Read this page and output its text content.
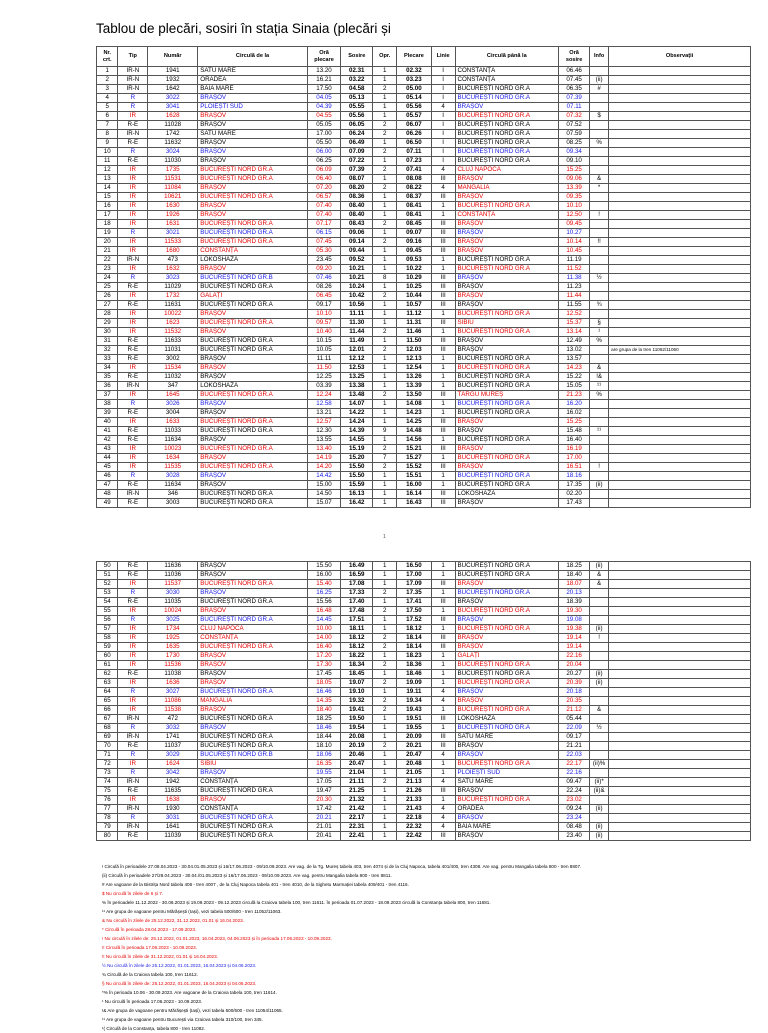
Tablou de plecări, sosiri în stația Sinaia (plecări și
Nr. crt.	Tip	Număr	Circulă de la	Oră plecare	Sosire	Opr.	Plecare	Linie	Circulă până la	Oră sosire	Info	Observații
1	IR-N	1941	SATU MARE	13.20	02.31	1	02.32	I	CONSTANȚA	06.46		
2	IR-N	1932	ORADEA	16.21	03.22	1	03.23	I	CONSTANȚA	07.45	(ii)	
3	IR-N	1642	BAIA MARE	17.50	04.58	2	05.00	I	BUCUREȘTI NORD GR.A	06.35	#	
4	R	3022	BRAȘOV	04.05	05.13	1	05.14	I	BUCUREȘTI NORD GR.A	07.39		
5	R	3041	PLOIEȘTI SUD	04.39	05.55	1	05.56	4	BRAȘOV	07.11		
6	IR	1628	BRAȘOV	04.55	05.56	1	05.57	I	BUCUREȘTI NORD GR.A	07.32	$	
7	R-E	11028	BRAȘOV	05.05	06.05	2	06.07	I	BUCUREȘTI NORD GR.A	07.52		
8	IR-N	1742	SATU MARE	17.00	06.24	2	06.26	I	BUCUREȘTI NORD GR.A	07.59		
9	R-E	11632	BRAȘOV	05.50	06.49	1	06.50	I	BUCUREȘTI NORD GR.A	08.25	%	
10	R	3024	BRAȘOV	06.00	07.09	2	07.11	I	BUCUREȘTI NORD GR.A	09.34		
11	R-E	11030	BRAȘOV	06.25	07.22	1	07.23	I	BUCUREȘTI NORD GR.A	09.10		
12	IR	1735	BUCUREȘTI NORD GR.A	06.09	07.39	2	07.41	4	CLUJ NAPOCA	15.25		
13	IR	11531	BUCUREȘTI NORD GR.A	06.40	08.07	1	08.08	III	BRAȘOV	09.06	&	
14	IR	11084	BRAȘOV	07.20	08.20	2	08.22	4	MANGALIA	13.39	*	
15	IR	10621	BUCUREȘTI NORD GR.A	06.57	08.36	1	08.37	III	BRAȘOV	09.35		
16	IR	1630	BRAȘOV	07.40	08.40	1	08.41	1	BUCUREȘTI NORD GR.A	10.10		
17	IR	1926	BRAȘOV	07.40	08.40	1	08.41	1	CONSTANȚA	12.50	!	
18	IR	1631	BUCUREȘTI NORD GR.A	07.17	08.43	2	08.45	III	BRAȘOV	09.45		
19	R	3021	BUCUREȘTI NORD GR.A	06.15	09.06	1	09.07	III	BRAȘOV	10.27		
20	IR	11533	BUCUREȘTI NORD GR.A	07.45	09.14	2	09.16	III	BRAȘOV	10.14	!!	
21	IR	1680	CONSTANȚA	05.30	09.44	1	09.45	III	BRAȘOV	10.45		
22	IR-N	473	LOKOSHAZA	23.45	09.52	1	09.53	1	BUCUREȘTI NORD GR.A	11.19		
23	IR	1632	BRAȘOV	09.20	10.21	1	10.22	1	BUCUREȘTI NORD GR.A	11.52		
24	R	3023	BUCUREȘTI NORD GR.B	07.46	10.21	8	10.29	III	BRAȘOV	11.38	½	
25	R-E	11029	BUCUREȘTI NORD GR.A	08.26	10.24	1	10.25	III	BRAȘOV	11.23		
26	IR	1732	GALAȚI	06.45	10.42	2	10.44	III	BRAȘOV	11.44		
27	R-E	11631	BUCUREȘTI NORD GR.A	09.17	10.56	1	10.57	III	BRAȘOV	11.55	¾	
28	IR	10022	BRAȘOV	10.10	11.11	1	11.12	1	BUCUREȘTI NORD GR.A	12.52		
29	IR	1623	BUCUREȘTI NORD GR.A	09.57	11.30	1	11.31	III	SIBIU	15.37	§	
30	IR	11532	BRAȘOV	10.40	11.44	2	11.46	1	BUCUREȘTI NORD GR.A	13.14	¹	
31	R-E	11633	BUCUREȘTI NORD GR.A	10.15	11.49	1	11.50	III	BRAȘOV	12.49	%	
32	R-E	11031	BUCUREȘTI NORD GR.A	10.05	12.01	2	12.03	III	BRAȘOV	13.02		are grupa de la tren 11062/11060
33	R-E	3002	BRAȘOV	11.11	12.12	1	12.13	1	BUCUREȘTI NORD GR.A	13.57		
34	IR	11534	BRAȘOV	11.50	12.53	1	12.54	1	BUCUREȘTI NORD GR.A	14.23	&	
35	R-E	11032	BRAȘOV	12.25	13.25	1	13.26	1	BUCUREȘTI NORD GR.A	15.22	!&	
36	IR-N	347	LOKOSHAZA	03.39	13.38	1	13.39	1	BUCUREȘTI NORD GR.A	15.05	¹¹	
37	IR	1645	BUCUREȘTI NORD GR.A	12.24	13.48	2	13.50	III	TÂRGU MUREȘ	21.23	%	
38	R	3026	BRAȘOV	12.58	14.07	1	14.08	1	BUCUREȘTI NORD GR.A	16.20		
39	R-E	3004	BRAȘOV	13.21	14.22	1	14.23	1	BUCUREȘTI NORD GR.A	16.02		
40	IR	1633	BUCUREȘTI NORD GR.A	12.57	14.24	1	14.25	III	BRAȘOV	15.25		
41	R-E	11033	BUCUREȘTI NORD GR.A	12.30	14.39	9	14.48	III	BRAȘOV	15.48	¹¹	
42	R-E	11634	BRAȘOV	13.55	14.55	1	14.56	1	BUCUREȘTI NORD GR.A	16.40		
43	IR	10023	BUCUREȘTI NORD GR.A	13.40	15.19	2	15.21	III	BRAȘOV	16.19		
44	IR	1634	BRAȘOV	14.19	15.20	7	15.27	1	BUCUREȘTI NORD GR.A	17.00		
45	IR	11535	BUCUREȘTI NORD GR.A	14.20	15.50	2	15.52	III	BRAȘOV	16.51	!	
46	R	3028	BRAȘOV	14.42	15.50	1	15.51	1	BUCUREȘTI NORD GR.A	18.16		
47	R-E	11634	BRAȘOV	15.00	15.59	1	16.00	1	BUCUREȘTI NORD GR.A	17.35	(ii)	
48	IR-N	346	BUCUREȘTI NORD GR.A	14.50	16.13	1	16.14	III	LOKOSHAZA	02.20		
49	R-E	3003	BUCUREȘTI NORD GR.A	15.07	16.42	1	16.43	III	BRAȘOV	17.43		
1
50	R-E	11636	BRAȘOV	15.50	16.49	1	16.50	1	BUCUREȘTI NORD GR.A	18.25	(ii)	
51	R-E	11036	BRAȘOV	16.00	16.59	1	17.00	1	BUCUREȘTI NORD GR.A	18.40	&	
52	IR	11537	BUCUREȘTI NORD GR.A	15.40	17.08	1	17.09	III	BRAȘOV	18.07	&	
53	R	3030	BRAȘOV	16.25	17.33	2	17.35	1	BUCUREȘTI NORD GR.A	20.13		
54	R-E	11035	BUCUREȘTI NORD GR.A	15.56	17.40	1	17.41	III	BRAȘOV	18.39		
55	IR	10024	BRAȘOV	16.48	17.48	2	17.50	1	BUCUREȘTI NORD GR.A	19.30		
56	R	3025	BUCUREȘTI NORD GR.A	14.45	17.51	1	17.52	III	BRAȘOV	19.08		
57	IR	1734	CLUJ NAPOCA	10.00	18.11	1	18.12	1	BUCUREȘTI NORD GR.A	19.38	(ii)	
58	IR	1925	CONSTANȚA	14.00	18.12	2	18.14	III	BRAȘOV	19.14	!	
59	IR	1635	BUCUREȘTI NORD GR.A	16.40	18.12	2	18.14	III	BRAȘOV	19.14		
60	IR	1730	BRAȘOV	17.20	18.22	1	18.23	1	GALAȚI	22.16		
61	IR	11536	BRAȘOV	17.30	18.34	2	18.36	1	BUCUREȘTI NORD GR.A	20.04		
62	R-E	11038	BRAȘOV	17.45	18.45	1	18.46	1	BUCUREȘTI NORD GR.A	20.27	(ii)	
63	IR	1636	BRAȘOV	18.05	19.07	2	19.09	1	BUCUREȘTI NORD GR.A	20.39	(ii)	
64	R	3027	BUCUREȘTI NORD GR.A	16.46	19.10	1	19.11	4	BRAȘOV	20.18		
65	IR	11086	MANGALIA	14.35	19.32	2	19.34	4	BRAȘOV	20.35		
66	IR	11538	BRAȘOV	18.40	19.41	2	19.43	1	BUCUREȘTI NORD GR.A	21.12	&	
67	IR-N	472	BUCUREȘTI NORD GR.A	18.25	19.50	1	19.51	III	LOKOSHAZA	05.44		
68	R	3032	BRAȘOV	18.46	19.54	1	19.55	1	BUCUREȘTI NORD GR.A	22.09	½	
69	IR-N	1741	BUCUREȘTI NORD GR.A	18.44	20.08	1	20.09	III	SATU MARE	09.17		
70	R-E	11037	BUCUREȘTI NORD GR.A	18.10	20.19	2	20.21	III	BRAȘOV	21.21		
71	R	3029	BUCUREȘTI NORD GR.B	18.06	20.46	1	20.47	4	BRAȘOV	22.03		
72	IR	1624	SIBIU	16.35	20.47	1	20.48	1	BUCUREȘTI NORD GR.A	22.17	(ii)%	
73	R	3042	BRAȘOV	19.55	21.04	1	21.05	1	PLOIEȘTI SUD	22.16		
74	IR-N	1942	CONSTANȚA	17.05	21.11	2	21.13	4	SATU MARE	09.47	(ii)*	
75	R-E	11635	BUCUREȘTI NORD GR.A	19.47	21.25	1	21.26	III	BRAȘOV	22.24	(ii)&	
76	IR	1638	BRAȘOV	20.30	21.32	1	21.33	1	BUCUREȘTI NORD GR.A	23.02		
77	IR-N	1930	CONSTANȚA	17.42	21.42	1	21.43	4	ORADEA	09.24	(ii)	
78	R	3031	BUCUREȘTI NORD GR.A	20.21	22.17	1	22.18	4	BRAȘOV	23.24		
79	IR-N	1641	BUCUREȘTI NORD GR.A	21.01	22.31	1	22.32	4	BAIA MARE	08.48	(ii)	
80	R-E	11039	BUCUREȘTI NORD GR.A	20.41	22.41	1	22.42	III	BRAȘOV	23.40	(ii)	
! Circulă în perioadele 27.08.04.2023 - 30.04.01.05.2023 și 16/17.06.2023 - 09/10.09.2023. Are vag. de la Tg. Mureș tabela 403, tren 4074 și de la Cluj Napoca, tabela 401/400, tren 4308. Are vag. pentru Mangalia tabela 800 - tren 8807.
(ii) Circulă în perioadele 27/28.04.2023 - 30.04./01.05.2023 și 16/17.06.2023 - 09/10.09.2023. Are vag. pentru Mangalia tabela 800 - tren 8811.
# Are vagoane de la Bistrița Nord tabela 406 - tren 4007 , de la Cluj Napoca tabela 401 - tren 4010, de la Sighetu Marmației tabela 409/401 - tren 4116.
$ Nu circulă în zilele de 6 și 7.
% În perioadele 11.12.2022 - 30.06.2023 și 19.09.2023 - 09.12.2023 circulă la Craiova tabela 100, tren 11611. În perioada 01.07.2023 - 18.09.2023 circulă la Constanța tabela 800, tren 11681.
¹¹ Are grupa de vagoane pentru Mărășești (Iași), vezi tabela 500/600 - tren 11052/11063.
& Nu circulă în zilele de 25.12.2022, 31.12.2022, 01.01 și 16.04.2023.
* Circulă în perioada 28.04.2023 - 17.09.2023.
! Nu circulă în zilele de: 25.12.2022, 01.01.2023, 16.04.2023, 04.06.2023 și în perioada 17.06.2023 - 10.09.2023.
!! Circulă în perioada 17.06.2023 - 10.09.2023.
!! Nu circulă în zilele de 31.12.2022, 01.01 și 16.04.2023.
½ Nu circulă în zilele de 25.12.2022, 01.01.2023, 16.04.2023 și 04.06.2023.
¾ Circulă de la Craiova tabela 100, tren 11612.
§ Nu circulă în zilele de: 25.12.2022, 01.01.2023, 16.04.2023 și 04.06.2023.
*% În perioada 10.06 - 30.09.2023. Are vagoane de la Craiova tabela 100, tren 11614.
¹ Nu circulă în perioada 17.06.2023 - 10.09.2023.
!& Are grupa de vagoane pentru Mărășești (Iași), vezi tabela 500/600 - tren 11054/11065.
¹¹ Are grupa de vagoane pentru București via Craiova tabela 310/100, tren 345.
¹( Circulă de la Constanța, tabela 800 - tren 11082.
